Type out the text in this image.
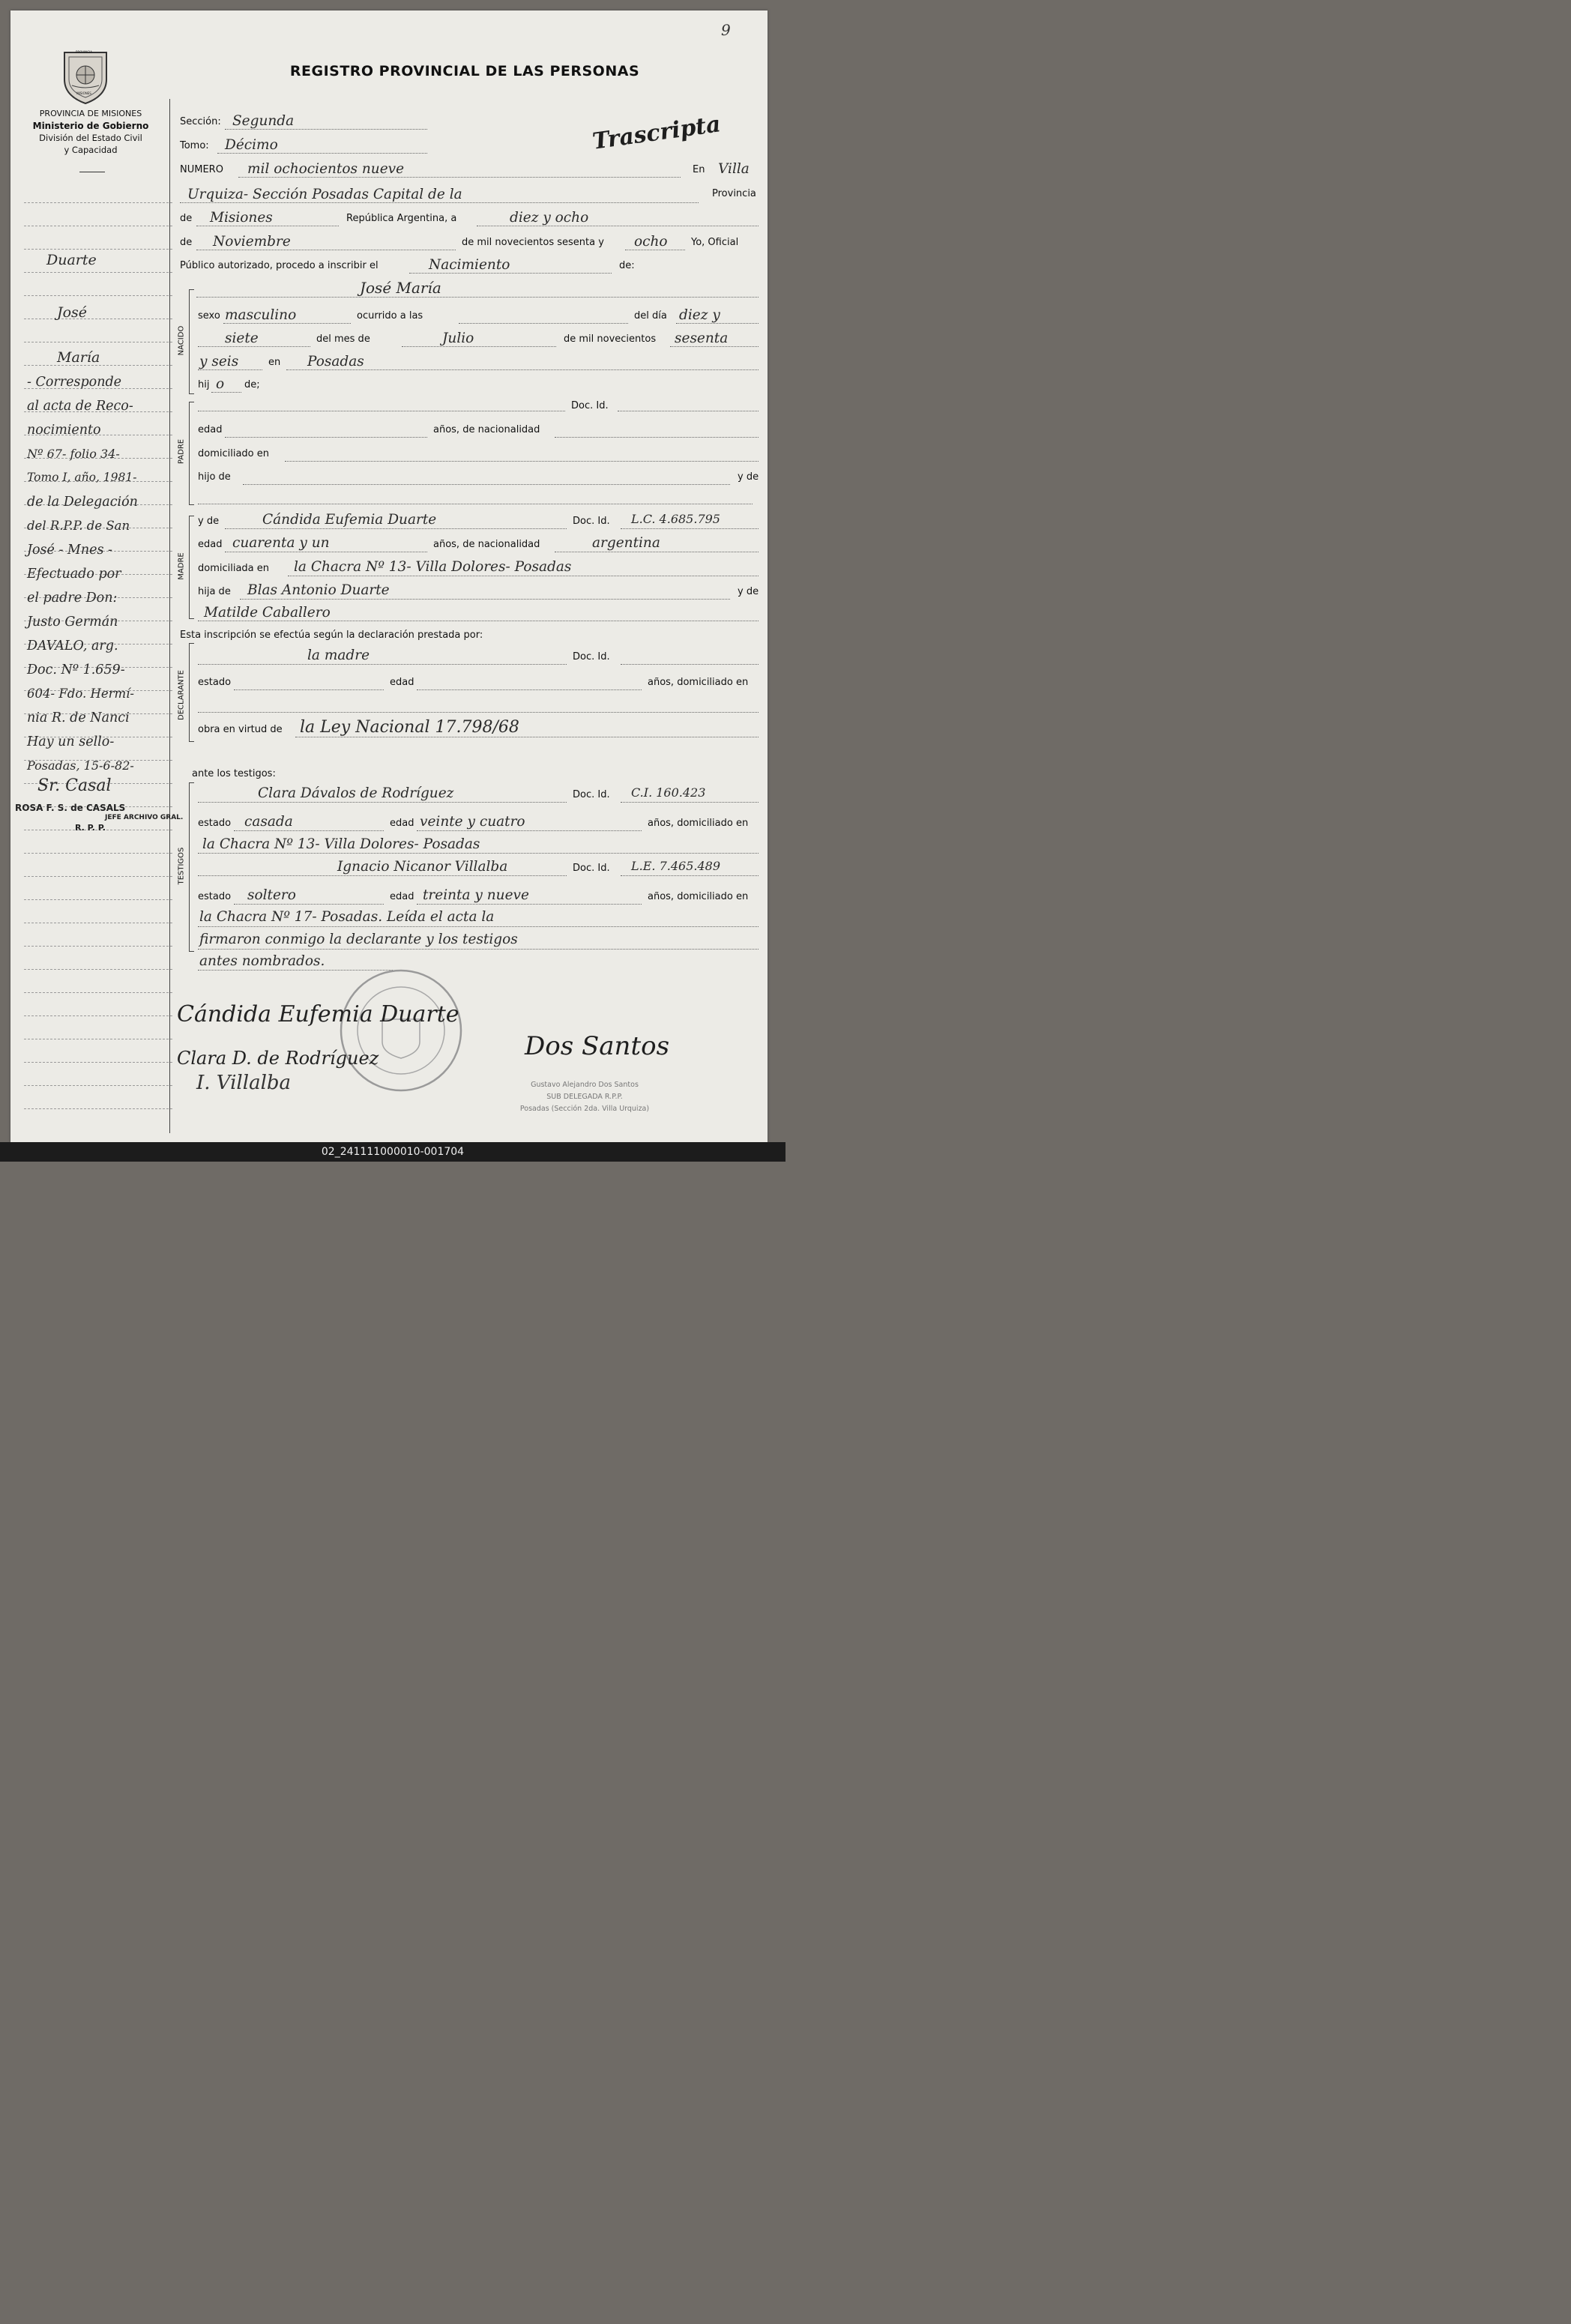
9
PROVINCIA
MISIONES
PROVINCIA DE MISIONES
Ministerio de Gobierno
División del Estado Civil
y Capacidad
REGISTRO PROVINCIAL DE LAS PERSONAS
Duarte
José
María
- Corresponde
al acta de Reco-
nocimiento
Nº 67- folio 34-
Tomo I, año, 1981-
de la Delegación
del R.P.P. de San
José - Mnes -
Efectuado por
el padre Don:
Justo Germán
DAVALO, arg.
Doc. Nº 1.659-
604- Fdo. Hermí-
nia R. de Nanci
Hay un sello-
Posadas, 15-6-82-
Sr. Casal
ROSA F. S. de CASALS
JEFE ARCHIVO GRAL.
R. P. P.
Trascripta
Sección: Segunda
Tomo: Décimo
NUMERO mil ochocientos nueve	En Villa
Urquiza- Sección Posadas Capital de la	Provincia
de Misiones	República Argentina, a	diez y ocho
de Noviembre	de mil novecientos sesenta y ocho Yo, Oficial
Público autorizado, procedo a inscribir el	Nacimiento	de:
José María
NACIDO
sexo masculino	ocurrido a las	del día diez y
siete	del mes de	Julio	de mil novecientos sesenta
y seis	en Posadas
hij o de;
PADRE
Doc. Id.
edad	años, de nacionalidad
domiciliado en
hijo de	y de
MADRE
y de	Cándida Eufemia Duarte	Doc. Id. L.C. 4.685.795
edad cuarenta y un	años, de nacionalidad	argentina
domiciliada en la Chacra Nº 13- Villa Dolores- Posadas
hija de Blas Antonio Duarte	y de
Matilde Caballero
Esta inscripción se efectúa según la declaración prestada por:
DECLARANTE
la madre	Doc. Id.
estado	edad	años, domiciliado en
obra en virtud de la Ley Nacional 17.798/68
ante los testigos:
TESTIGOS
Clara Dávalos de Rodríguez	Doc. Id. C.I. 160.423
estado casada	edad veinte y cuatro	años, domiciliado en
la Chacra Nº 13- Villa Dolores- Posadas
Ignacio Nicanor Villalba	Doc. Id. L.E. 7.465.489
estado soltero	edad treinta y nueve	años, domiciliado en
la Chacra Nº 17- Posadas. Leída el acta la
firmaron conmigo la declarante y los testigos
antes nombrados.
Cándida Eufemia Duarte
Clara D. de Rodríguez
I. Villalba
Dos Santos
Gustavo Alejandro Dos Santos
SUB DELEGADA R.P.P.
Posadas (Sección 2da. Villa Urquiza)
02_241111000010-001704
